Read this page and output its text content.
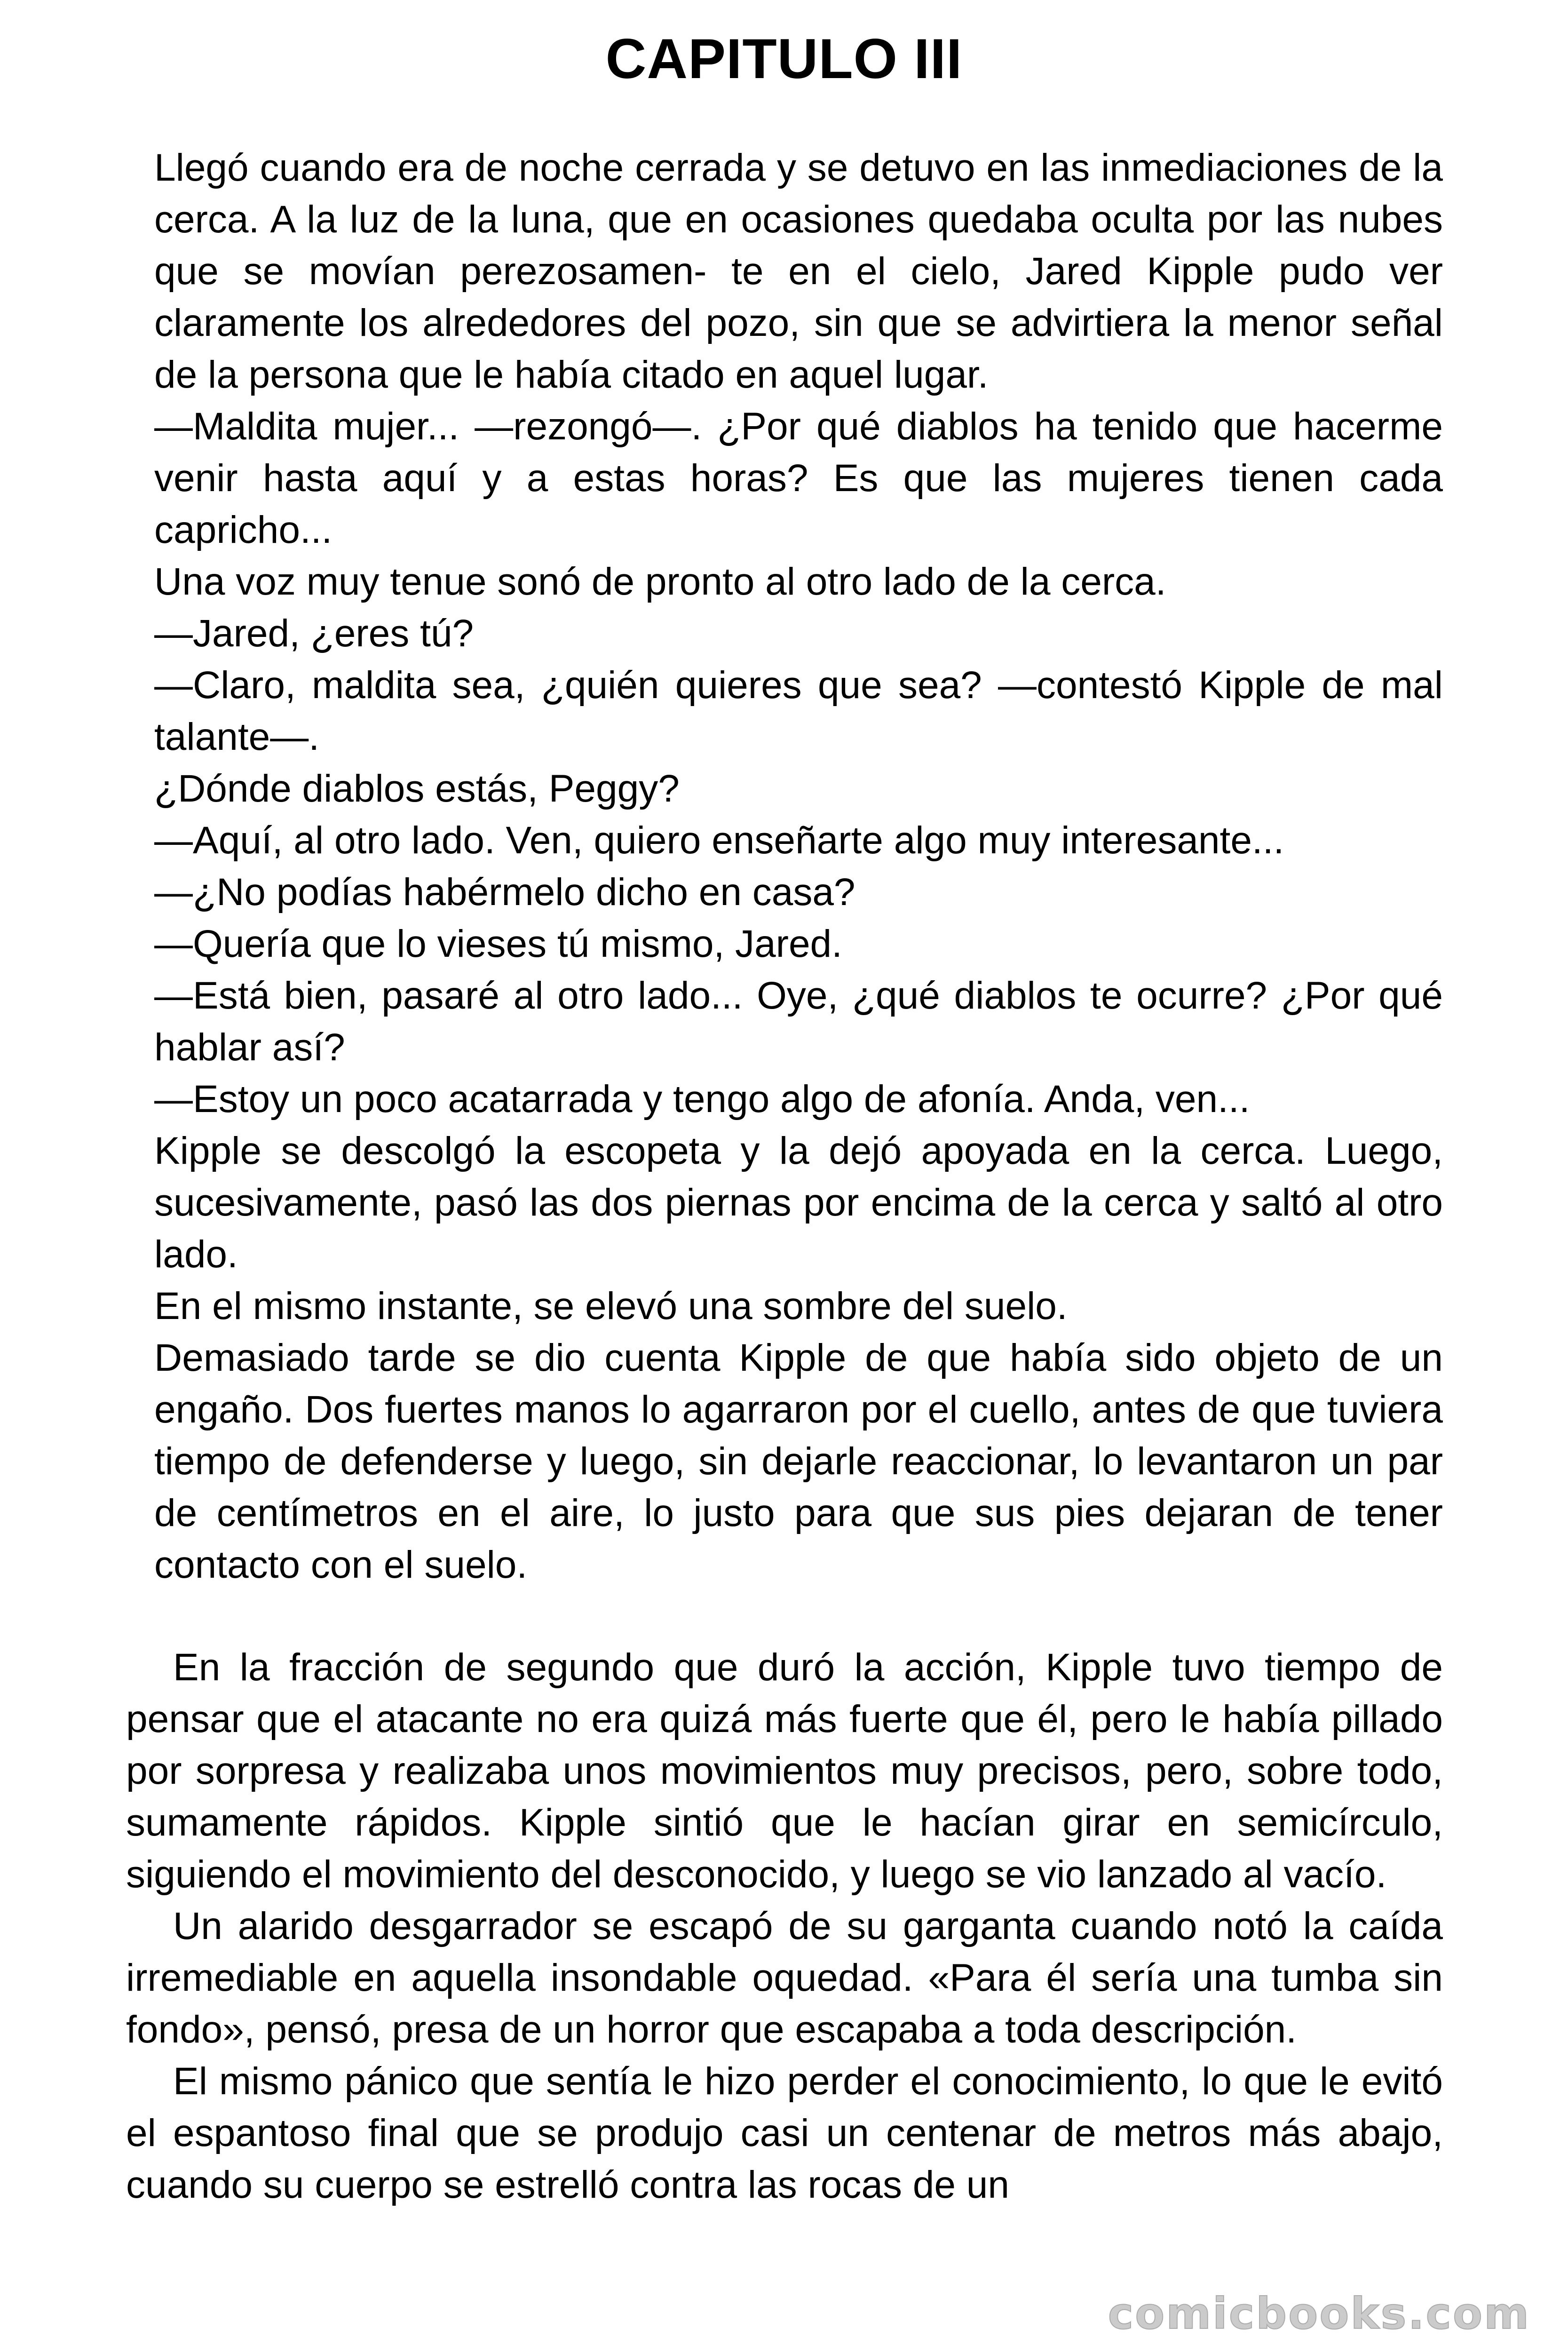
CAPITULO III

Llegó cuando era de noche cerrada y se detuvo en las inmediaciones de la cerca. A la luz de la luna, que en ocasiones quedaba oculta por las nubes que se movían perezosamen- te en el cielo, Jared Kipple pudo ver claramente los alrededores del pozo, sin que se advirtiera la menor señal de la persona que le había citado en aquel lugar.

—Maldita mujer... —rezongó—. ¿Por qué diablos ha tenido que hacerme venir hasta aquí y a estas horas? Es que las mujeres tienen cada capricho...

Una voz muy tenue sonó de pronto al otro lado de la cerca.

—Jared, ¿eres tú?

—Claro, maldita sea, ¿quién quieres que sea? —contestó Kipple de mal talante—.

¿Dónde diablos estás, Peggy?

—Aquí, al otro lado. Ven, quiero enseñarte algo muy interesante...

—¿No podías habérmelo dicho en casa?

—Quería que lo vieses tú mismo, Jared.

—Está bien, pasaré al otro lado... Oye, ¿qué diablos te ocurre? ¿Por qué hablar así?

—Estoy un poco acatarrada y tengo algo de afonía. Anda, ven...

Kipple se descolgó la escopeta y la dejó apoyada en la cerca. Luego, sucesivamente, pasó las dos piernas por encima de la cerca y saltó al otro lado.

En el mismo instante, se elevó una sombre del suelo.

Demasiado tarde se dio cuenta Kipple de que había sido objeto de un engaño. Dos fuertes manos lo agarraron por el cuello, antes de que tuviera tiempo de defenderse y luego, sin dejarle reaccionar, lo levantaron un par de centímetros en el aire, lo justo para que sus pies dejaran de tener contacto con el suelo.

En la fracción de segundo que duró la acción, Kipple tuvo tiempo de pensar que el atacante no era quizá más fuerte que él, pero le había pillado por sorpresa y realizaba unos movimientos muy precisos, pero, sobre todo, sumamente rápidos. Kipple sintió que le hacían girar en semicírculo, siguiendo el movimiento del desconocido, y luego se vio lanzado al vacío.

Un alarido desgarrador se escapó de su garganta cuando notó la caída irremediable en aquella insondable oquedad. «Para él sería una tumba sin fondo», pensó, presa de un horror que escapaba a toda descripción.

El mismo pánico que sentía le hizo perder el conocimiento, lo que le evitó el espantoso final que se produjo casi un centenar de metros más abajo, cuando su cuerpo se estrelló contra las rocas de un

comicbooks.com
